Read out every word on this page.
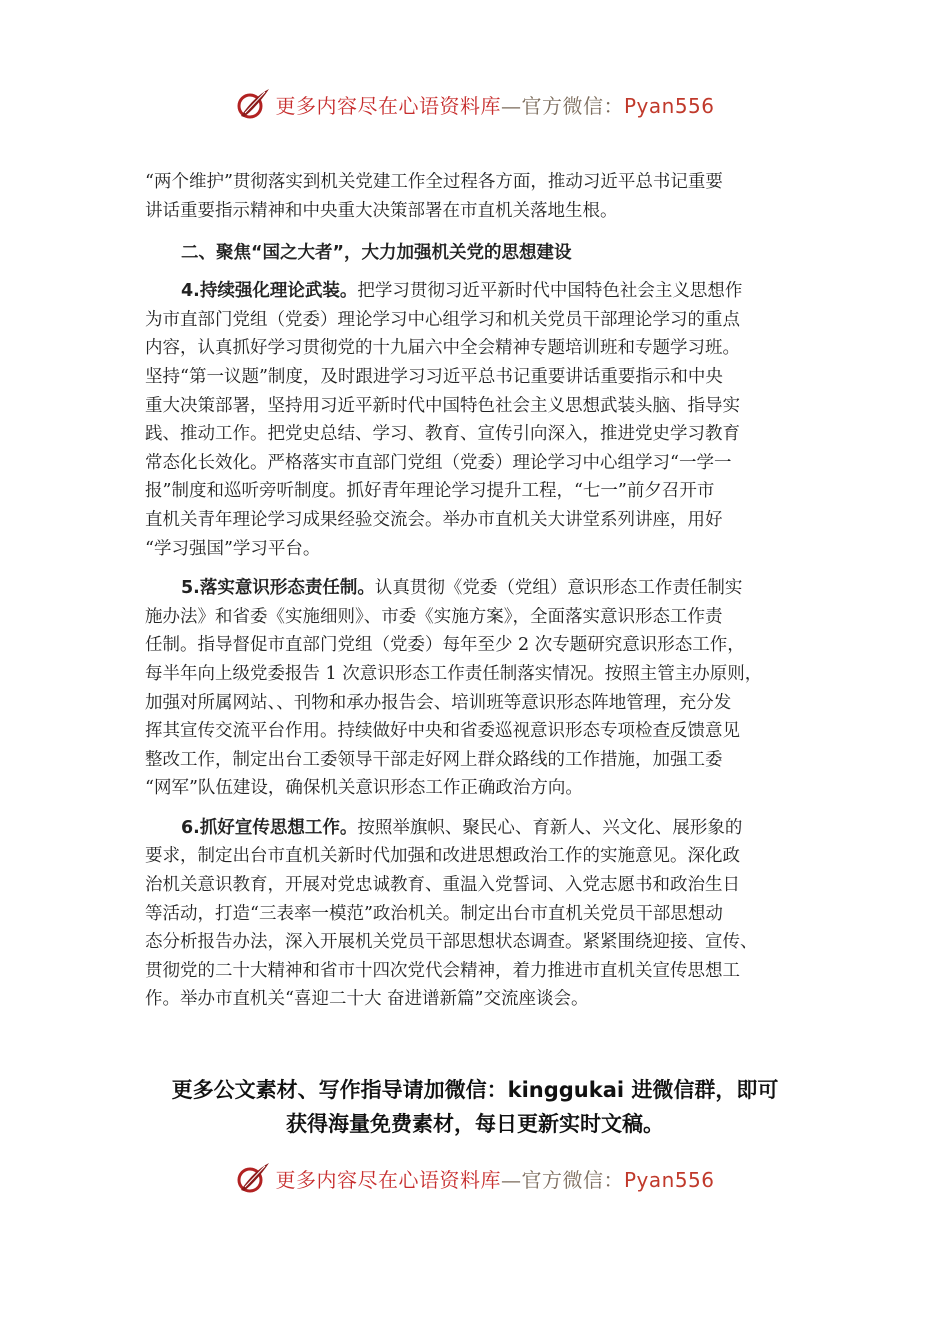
更多内容尽在心语资料库—官方微信：Pyan556

“两个维护”贯彻落实到机关党建工作全过程各方面，推动习近平总书记重要
讲话重要指示精神和中央重大决策部署在市直机关落地生根。

二、聚焦“国之大者”，大力加强机关党的思想建设

4.持续强化理论武装。把学习贯彻习近平新时代中国特色社会主义思想作
为市直部门党组（党委）理论学习中心组学习和机关党员干部理论学习的重点
内容，认真抓好学习贯彻党的十九届六中全会精神专题培训班和专题学习班。
坚持“第一议题”制度，及时跟进学习习近平总书记重要讲话重要指示和中央
重大决策部署，坚持用习近平新时代中国特色社会主义思想武装头脑、指导实
践、推动工作。把党史总结、学习、教育、宣传引向深入，推进党史学习教育
常态化长效化。严格落实市直部门党组（党委）理论学习中心组学习“一学一
报”制度和巡听旁听制度。抓好青年理论学习提升工程，“七一”前夕召开市
直机关青年理论学习成果经验交流会。举办市直机关大讲堂系列讲座，用好
“学习强国”学习平台。

5.落实意识形态责任制。认真贯彻《党委（党组）意识形态工作责任制实
施办法》和省委《实施细则》、市委《实施方案》，全面落实意识形态工作责
任制。指导督促市直部门党组（党委）每年至少 2 次专题研究意识形态工作，
每半年向上级党委报告 1 次意识形态工作责任制落实情况。按照主管主办原则，
加强对所属网站、、刊物和承办报告会、培训班等意识形态阵地管理，充分发
挥其宣传交流平台作用。持续做好中央和省委巡视意识形态专项检查反馈意见
整改工作，制定出台工委领导干部走好网上群众路线的工作措施，加强工委
“网军”队伍建设，确保机关意识形态工作正确政治方向。

6.抓好宣传思想工作。按照举旗帜、聚民心、育新人、兴文化、展形象的
要求，制定出台市直机关新时代加强和改进思想政治工作的实施意见。深化政
治机关意识教育，开展对党忠诚教育、重温入党誓词、入党志愿书和政治生日
等活动，打造“三表率一模范”政治机关。制定出台市直机关党员干部思想动
态分析报告办法，深入开展机关党员干部思想状态调查。紧紧围绕迎接、宣传、
贯彻党的二十大精神和省市十四次党代会精神，着力推进市直机关宣传思想工
作。举办市直机关“喜迎二十大 奋进谱新篇”交流座谈会。

更多公文素材、写作指导请加微信：kinggukai 进微信群，即可
获得海量免费素材，每日更新实时文稿。
更多内容尽在心语资料库—官方微信：Pyan556
